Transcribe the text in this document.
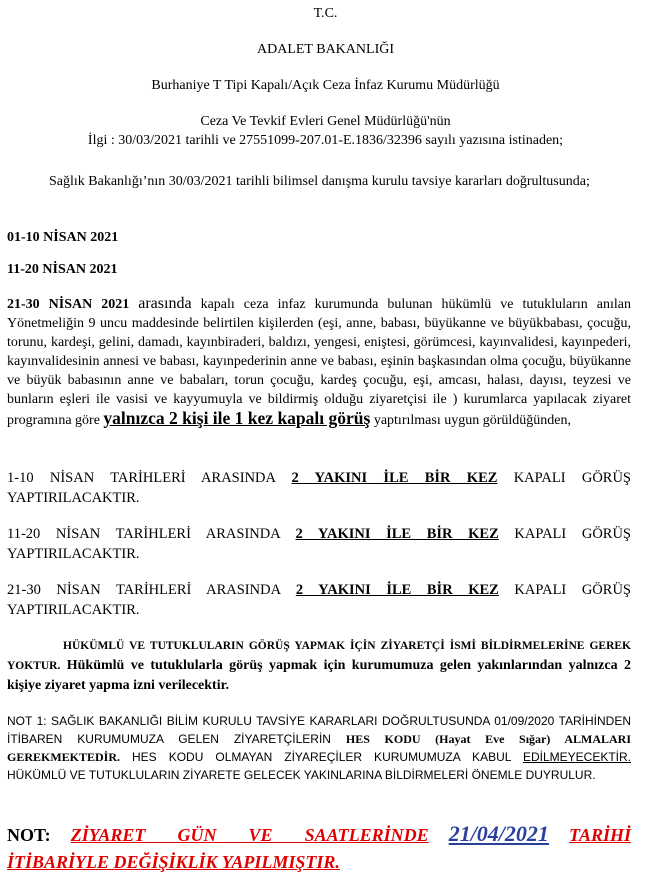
T.C.
ADALET BAKANLIĞI
Burhaniye T Tipi Kapalı/Açık Ceza İnfaz Kurumu Müdürlüğü
Ceza Ve Tevkif Evleri Genel Müdürlüğü'nün
İlgi : 30/03/2021 tarihli ve 27551099-207.01-E.1836/32396 sayılı yazısına istinaden;
Sağlık Bakanlığı’nın 30/03/2021 tarihli bilimsel danışma kurulu tavsiye kararları doğrultusunda;
01-10 NİSAN 2021
11-20 NİSAN 2021
21-30 NİSAN 2021 arasında kapalı ceza infaz kurumunda bulunan hükümlü ve tutukluların anılan Yönetmeliğin 9 uncu maddesinde belirtilen kişilerden (eşi, anne, babası, büyükanne ve büyükbabası, çocuğu, torunu, kardeşi, gelini, damadı, kayınbiraderi, baldızı, yengesi, eniştesi, görümcesi, kayınvalidesi, kayınpederi, kayınvalidesinin annesi ve babası, kayınpederinin anne ve babası, eşinin başkasından olma çocuğu, büyükanne ve büyük babasının anne ve babaları, torun çocuğu, kardeş çocuğu, eşi, amcası, halası, dayısı, teyzesi ve bunların eşleri ile vasisi ve kayyumuyla ve bildirmiş olduğu ziyaretçisi ile ) kurumlarca yapılacak ziyaret programına göre yalnızca 2 kişi ile 1 kez kapalı görüş yaptırılması uygun görüldüğünden,
1-10 NİSAN TARİHLERİ ARASINDA 2 YAKINI İLE BİR KEZ KAPALI GÖRÜŞ YAPTIRILACAKTIR.
11-20 NİSAN TARİHLERİ ARASINDA 2 YAKINI İLE BİR KEZ KAPALI GÖRÜŞ YAPTIRILACAKTIR.
21-30 NİSAN TARİHLERİ ARASINDA 2 YAKINI İLE BİR KEZ KAPALI GÖRÜŞ YAPTIRILACAKTIR.
HÜKÜMLÜ VE TUTUKLULARIN GÖRÜŞ YAPMAK İÇİN ZİYARETÇİ İSMİ BİLDİRMELERİNE GEREK YOKTUR. Hükümlü ve tutuklularla görüş yapmak için kurumumuza gelen yakınlarından yalnızca 2 kişiye ziyaret yapma izni verilecektir.
NOT 1: SAĞLIK BAKANLIĞI BİLİM KURULU TAVSİYE KARARLARI DOĞRULTUSUNDA 01/09/2020 TARİHİNDEN İTİBAREN KURUMUMUZA GELEN ZİYARETÇİLERİN HES KODU (Hayat Eve Sığar) ALMALARI GEREKMEKTEDİR. HES KODU OLMAYAN ZİYAREÇİLER KURUMUMUZA KABUL EDİLMEYECEKTİR. HÜKÜMLÜ VE TUTUKLULARIN ZİYARETE GELECEK YAKINLARINA BİLDİRMELERİ ÖNEMLE DUYRULUR.
NOT: ZİYARET GÜN VE SAATLERİNDE 21/04/2021 TARİHİ İTİBARİYLE DEĞİŞİKLİK YAPILMIŞTIR.
